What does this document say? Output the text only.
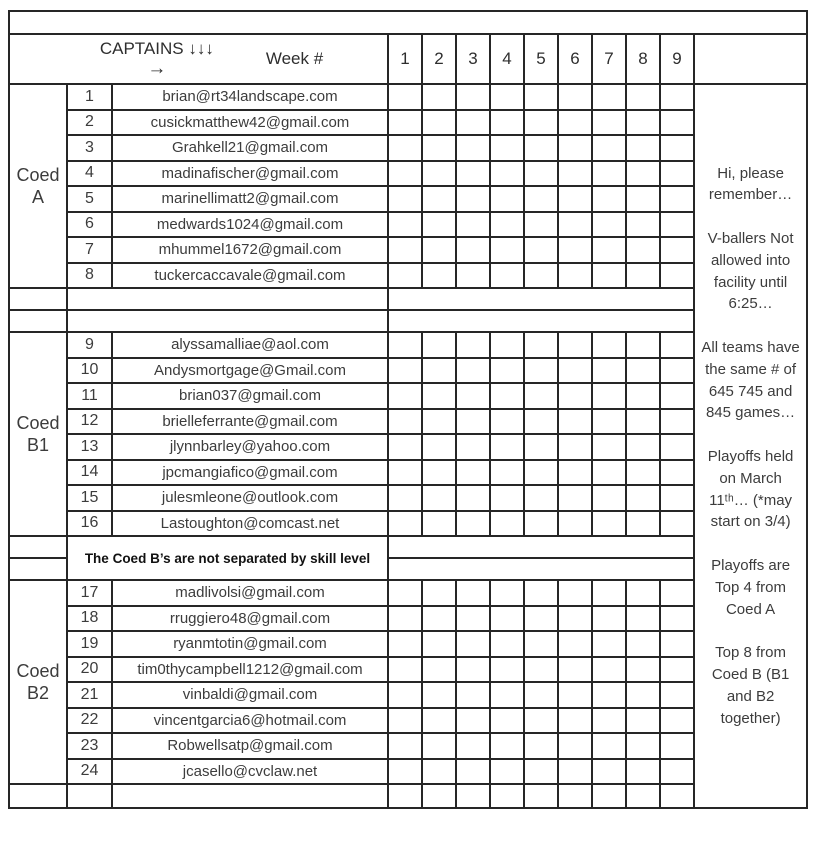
CAPTAINS ↓↓↓
→ Week #			1	2	3	4	5	6	7	8	9	
Coed A	1	brian@rt34landscape.com										
Hi, please remember…
V-ballers Not allowed into facility until 6:25…
All teams have the same # of 645 745 and 845 games…
Playoffs held on March 11ᵗʰ… (*may start on 3/4)
Playoffs are Top 4 from Coed A
Top 8 from Coed B (B1 and B2 together)

	2	cusickmatthew42@gmail.com										
	3	Grahkell21@gmail.com										
	4	madinafischer@gmail.com										
	5	marinellimatt2@gmail.com										
	6	medwards1024@gmail.com										
	7	mhummel1672@gmail.com										
	8	tuckercaccavale@gmail.com										

Coed B1	9	alyssamalliae@aol.com										
	10	Andysmortgage@Gmail.com										
	11	brian037@gmail.com										
	12	brielleferrante@gmail.com										
	13	jlynnbarley@yahoo.com										
	14	jpcmangiafico@gmail.com										
	15	julesmleone@outlook.com										
	16	Lastoughton@comcast.net										
	The Coed B’s are not separated by skill level											

Coed B2	17	madlivolsi@gmail.com										
	18	rruggiero48@gmail.com										
	19	ryanmtotin@gmail.com										
	20	tim0thycampbell1212@gmail.com										
	21	vinbaldi@gmail.com										
	22	vincentgarcia6@hotmail.com										
	23	Robwellsatp@gmail.com										
	24	jcasello@cvclaw.net										
